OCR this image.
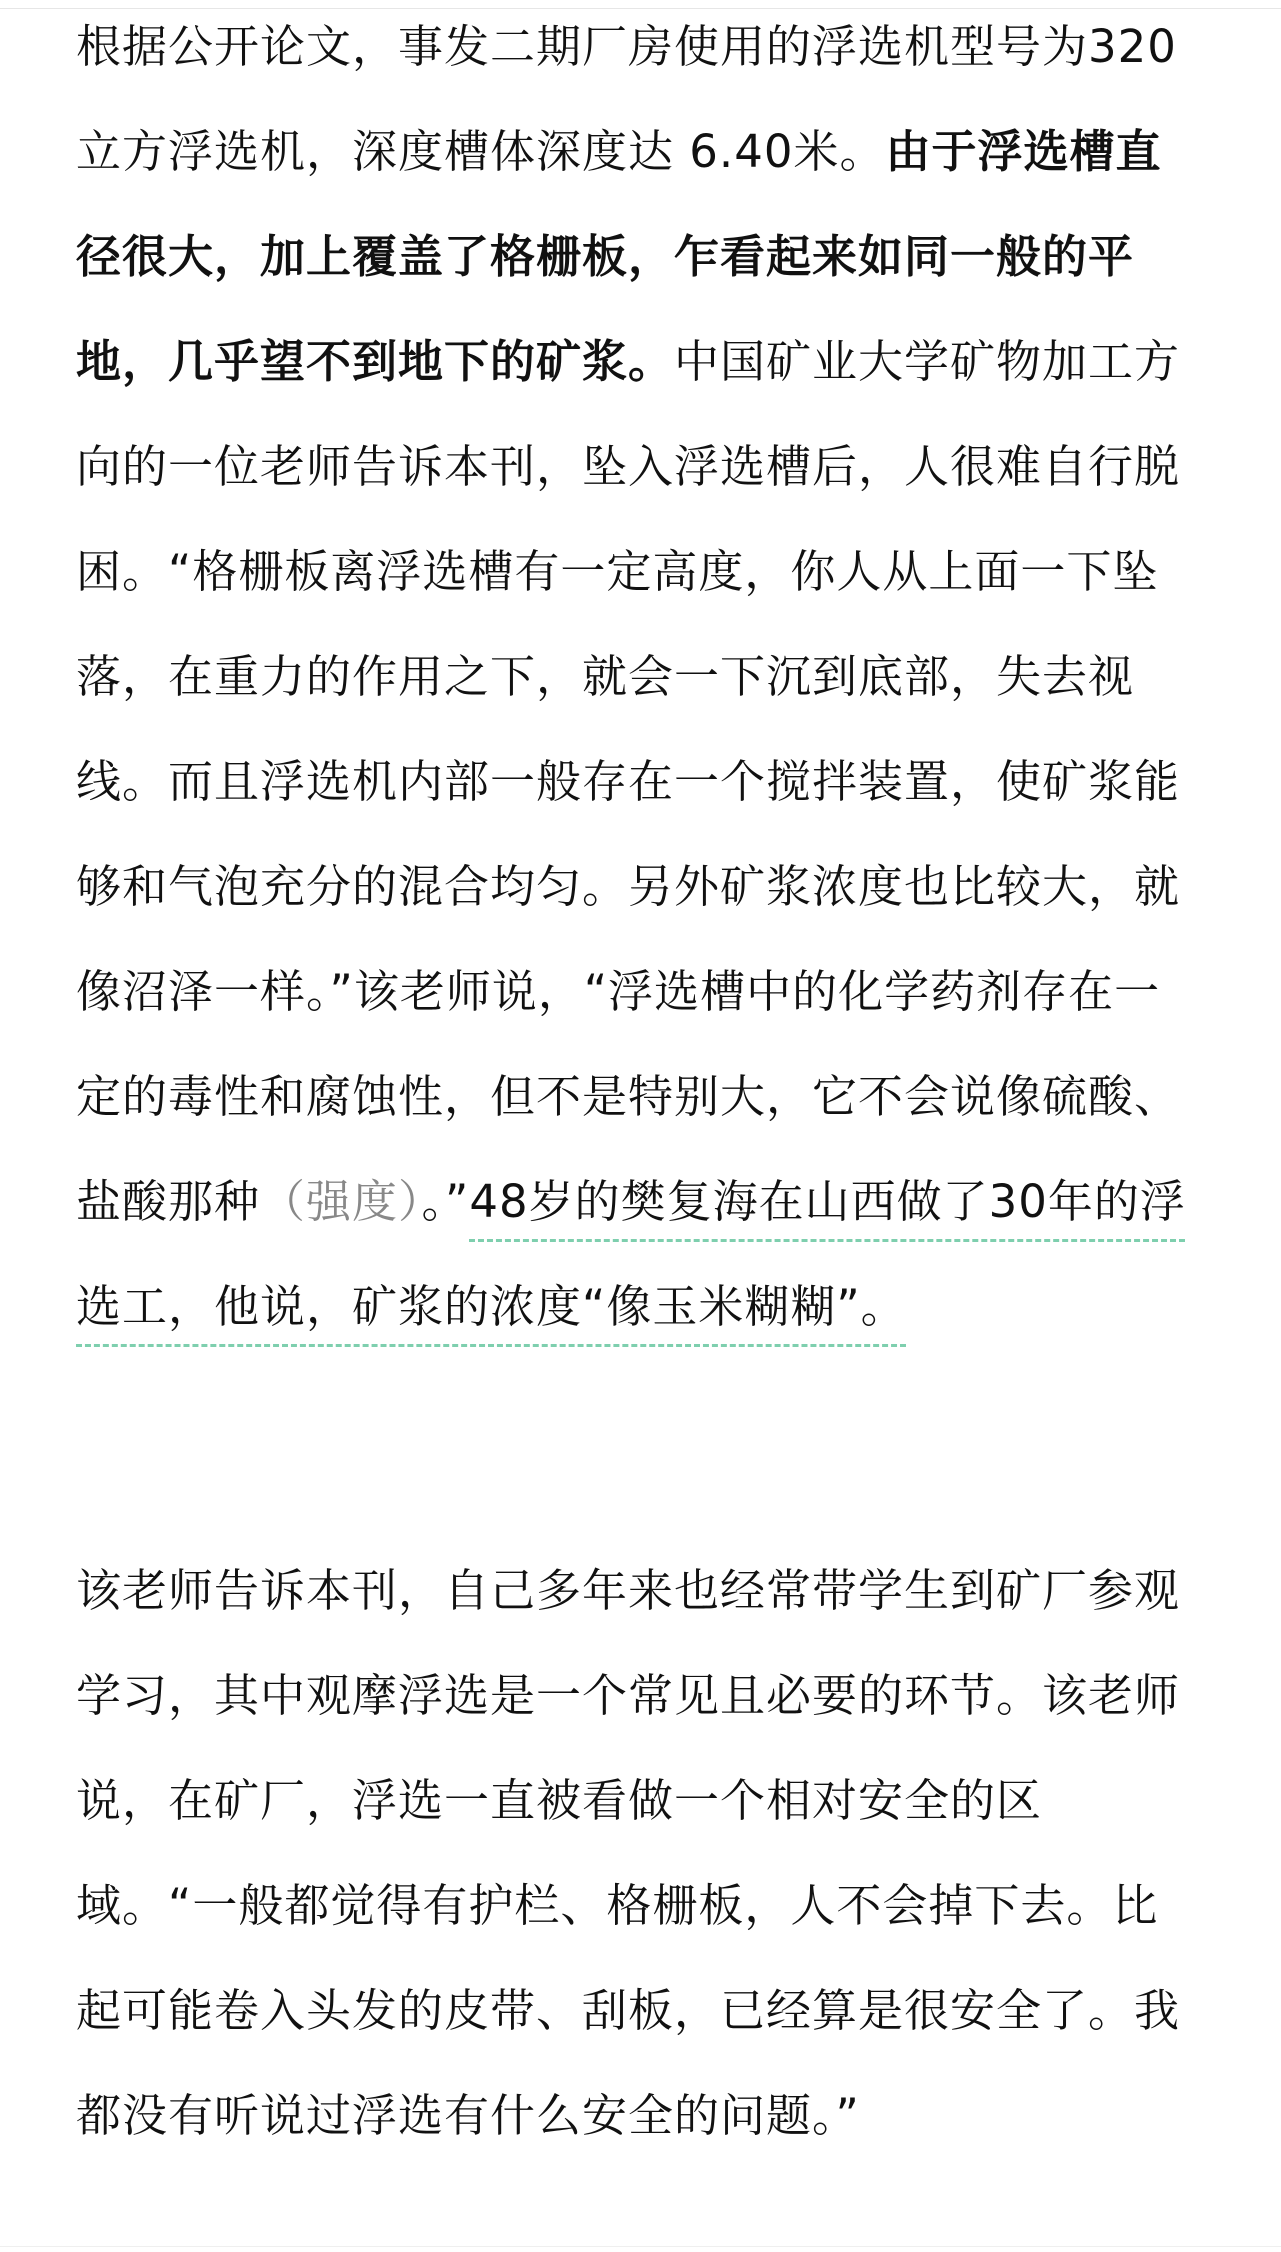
根据公开论文，事发二期厂房使用的浮选机型号为320立方浮选机，深度槽体深度达 6.40米。由于浮选槽直径很大，加上覆盖了格栅板，乍看起来如同一般的平地，几乎望不到地下的矿浆。中国矿业大学矿物加工方向的一位老师告诉本刊，坠入浮选槽后，人很难自行脱困。“格栅板离浮选槽有一定高度，你人从上面一下坠落，在重力的作用之下，就会一下沉到底部，失去视线。而且浮选机内部一般存在一个搅拌装置，使矿浆能够和气泡充分的混合均匀。另外矿浆浓度也比较大，就像沼泽一样。”该老师说，“浮选槽中的化学药剂存在一定的毒性和腐蚀性，但不是特别大，它不会说像硫酸、盐酸那种（强度）。”48岁的樊复海在山西做了30年的浮选工，他说，矿浆的浓度“像玉米糊糊”。

该老师告诉本刊，自己多年来也经常带学生到矿厂参观学习，其中观摩浮选是一个常见且必要的环节。该老师说，在矿厂，浮选一直被看做一个相对安全的区域。“一般都觉得有护栏、格栅板，人不会掉下去。比起可能卷入头发的皮带、刮板，已经算是很安全了。我都没有听说过浮选有什么安全的问题。”
